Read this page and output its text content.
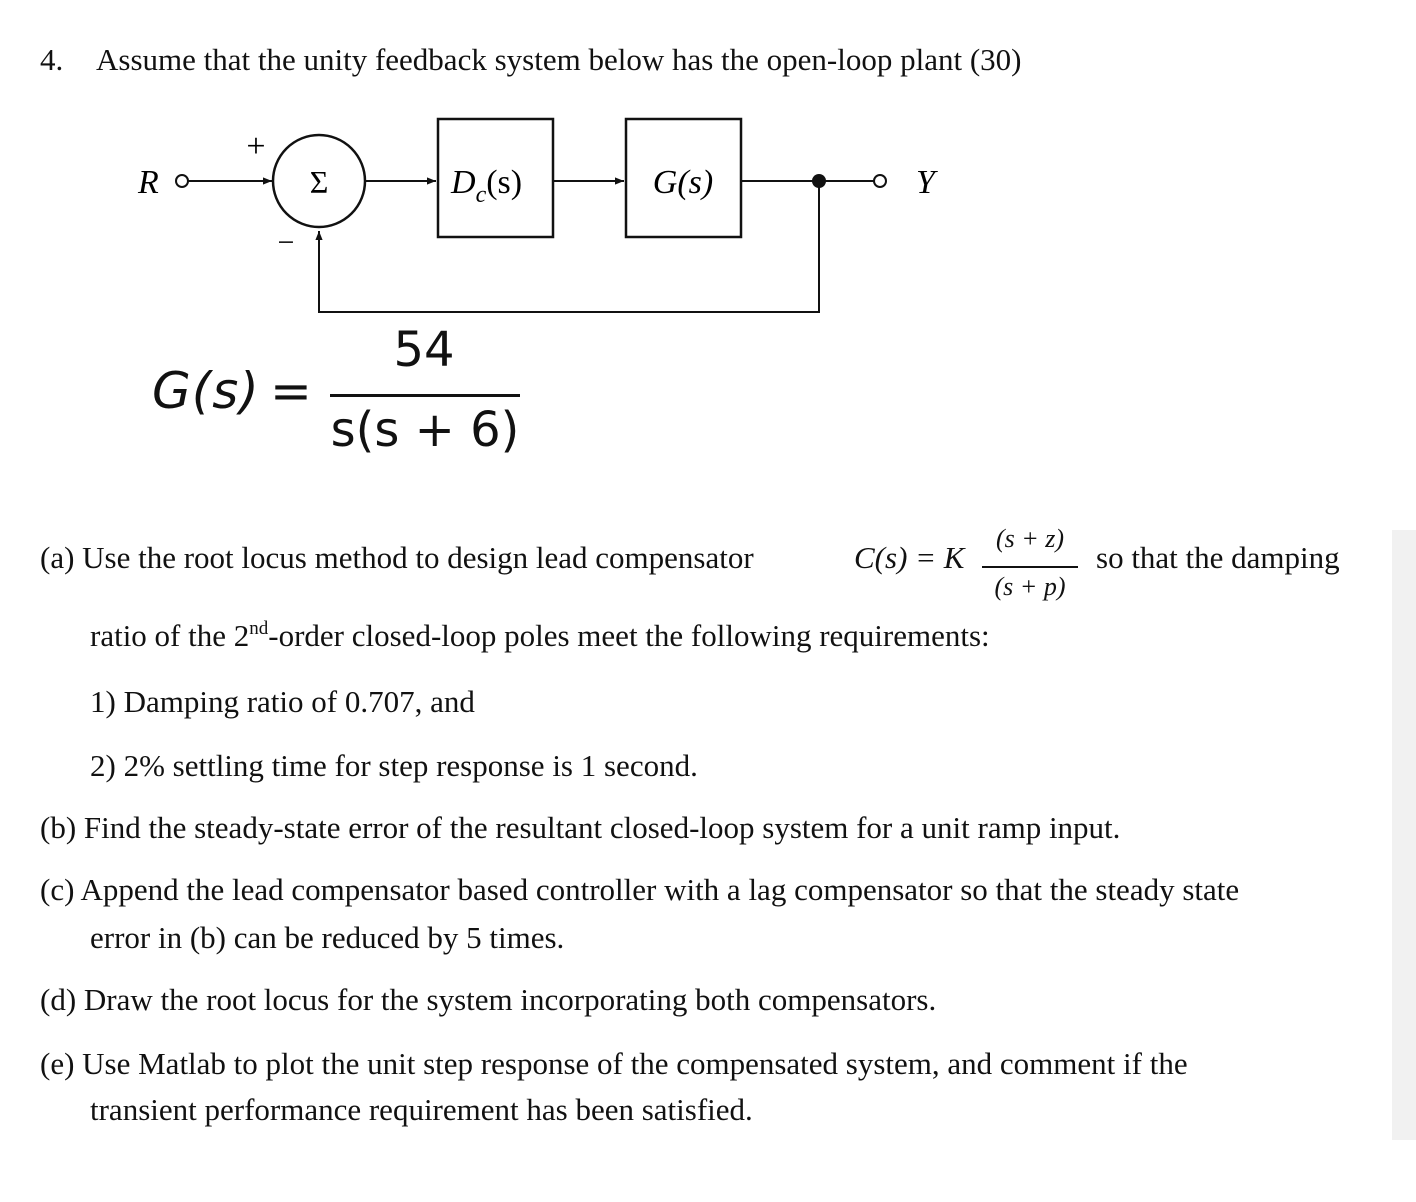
4. Assume that the unity feedback system below has the open-loop plant (30)
R	Σ
+
−
$D_c(s)$	G(s)	Y
G(s) =
54
s(s + 6)
(a) Use the root locus method to design lead compensator	C(s) = K
(s + z)
(s + p)
so that the damping
ratio of the 2nd-order closed-loop poles meet the following requirements:
1) Damping ratio of 0.707, and
2) 2% settling time for step response is 1 second.
(b) Find the steady-state error of the resultant closed-loop system for a unit ramp input.
(c) Append the lead compensator based controller with a lag compensator so that the steady state
error in (b) can be reduced by 5 times.
(d) Draw the root locus for the system incorporating both compensators.
(e) Use Matlab to plot the unit step response of the compensated system, and comment if the
transient performance requirement has been satisfied.
